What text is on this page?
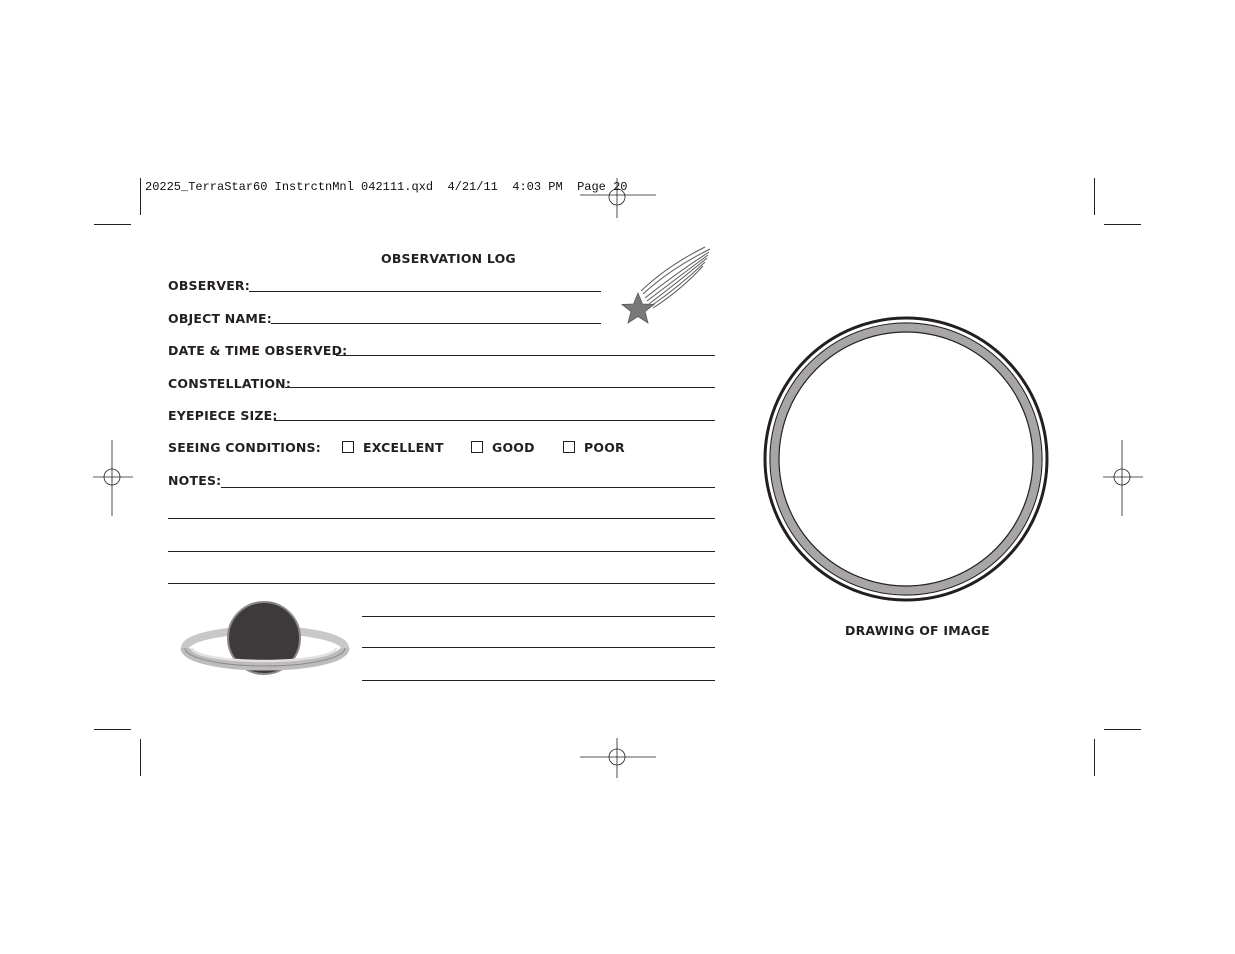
20225_TerraStar60 InstrctnMnl 042111.qxd  4/21/11  4:03 PM  Page 20
OBSERVATION LOG
OBSERVER:
OBJECT NAME:
DATE & TIME OBSERVED:
CONSTELLATION:
EYEPIECE SIZE:
SEEING CONDITIONS:	EXCELLENT	GOOD	POOR
NOTES:
DRAWING OF IMAGE
